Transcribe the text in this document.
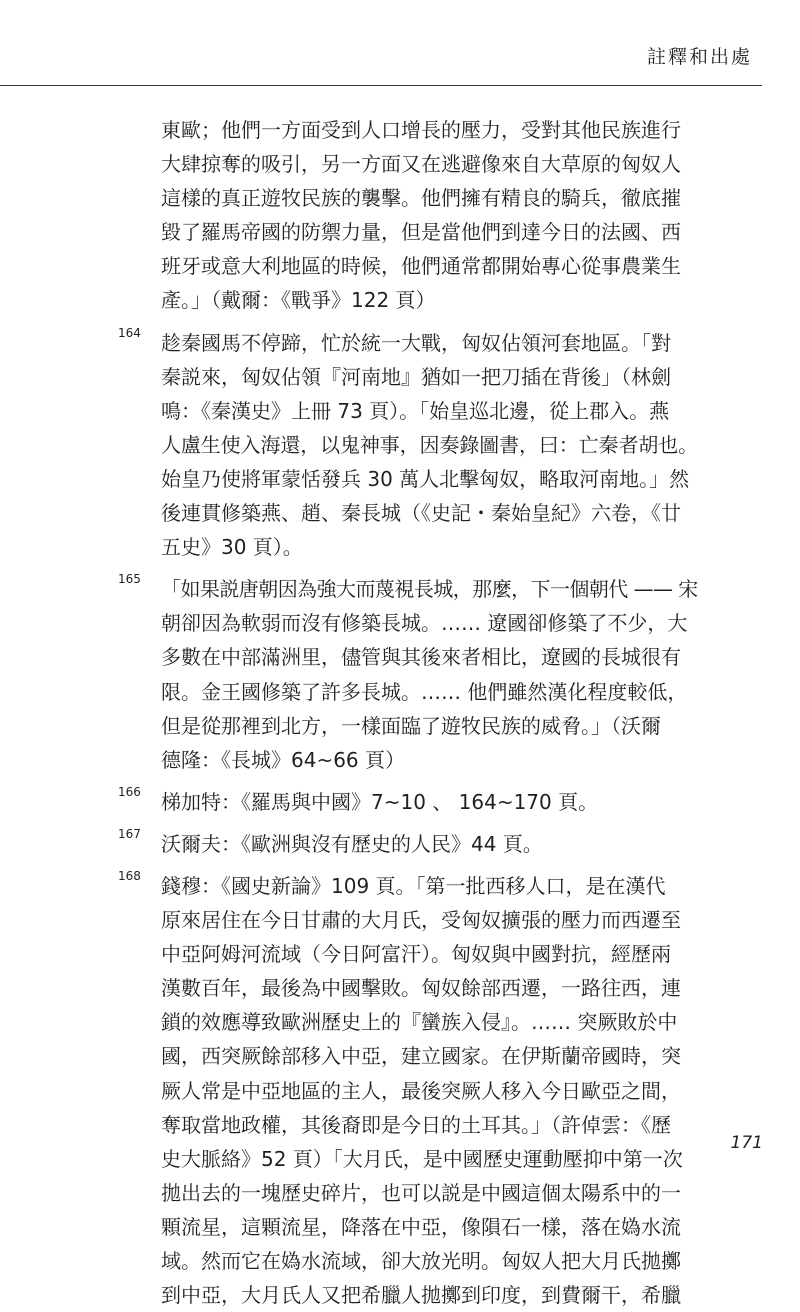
註釋和出處
東歐；他們一方面受到人口增長的壓力，受對其他民族進行
大肆掠奪的吸引，另一方面又在逃避像來自大草原的匈奴人
這樣的真正遊牧民族的襲擊。他們擁有精良的騎兵，徹底摧
毀了羅馬帝國的防禦力量，但是當他們到達今日的法國、西
班牙或意大利地區的時候，他們通常都開始專心從事農業生
產。」（戴爾：《戰爭》122 頁）
164 趁秦國馬不停蹄，忙於統一大戰，匈奴佔領河套地區。「對
秦説來，匈奴佔領『河南地』猶如一把刀插在背後」（林劍
鳴：《秦漢史》上冊 73 頁）。「始皇巡北邊，從上郡入。燕
人盧生使入海還，以鬼神事，因奏錄圖書，曰：亡秦者胡也。
始皇乃使將軍蒙恬發兵 30 萬人北擊匈奴，略取河南地。」然
後連貫修築燕、趙、秦長城（《史記・秦始皇紀》六卷，《廿
五史》30 頁）。
165 「如果説唐朝因為強大而蔑視長城，那麼，下一個朝代 —— 宋
朝卻因為軟弱而沒有修築長城。…… 遼國卻修築了不少，大
多數在中部滿洲里，儘管與其後來者相比，遼國的長城很有
限。金王國修築了許多長城。…… 他們雖然漢化程度較低，
但是從那裡到北方，一樣面臨了遊牧民族的威脅。」（沃爾
德隆：《長城》64~66 頁）
166 梯加特：《羅馬與中國》7~10 、 164~170 頁。
167 沃爾夫：《歐洲與沒有歷史的人民》44 頁。
168 錢穆：《國史新論》109 頁。「第一批西移人口，是在漢代
原來居住在今日甘肅的大月氏，受匈奴擴張的壓力而西遷至
中亞阿姆河流域（今日阿富汗）。匈奴與中國對抗，經歷兩
漢數百年，最後為中國擊敗。匈奴餘部西遷，一路往西，連
鎖的效應導致歐洲歷史上的『蠻族入侵』。…… 突厥敗於中
國，西突厥餘部移入中亞，建立國家。在伊斯蘭帝國時，突
厥人常是中亞地區的主人，最後突厥人移入今日歐亞之間，
奪取當地政權，其後裔即是今日的土耳其。」（許倬雲：《歷
史大脈絡》52 頁）「大月氏，是中國歷史運動壓抑中第一次
拋出去的一塊歷史碎片，也可以説是中國這個太陽系中的一
顆流星，這顆流星，降落在中亞，像隕石一樣，落在媯水流
域。然而它在媯水流域，卻大放光明。匈奴人把大月氏拋擲
到中亞，大月氏人又把希臘人拋擲到印度，到費爾干，希臘
171
